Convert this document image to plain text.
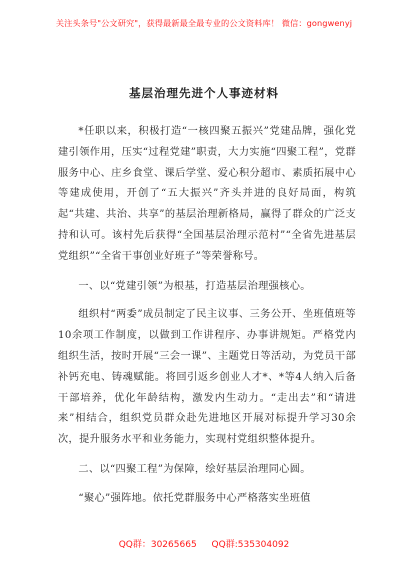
关注头条号"公文研究"，获得最新最全最专业的公文资料库！ 微信：gongwenyj
基层治理先进个人事迹材料

*任职以来，积极打造“一核四聚五振兴”党建品牌，强化党建引领作用，压实“过程党建”职责，大力实施“四聚工程”，党群服务中心、庄乡食堂、课后学堂、爱心积分超市、素质拓展中心等建成使用，开创了“五大振兴”齐头并进的良好局面，构筑起“共建、共治、共享”的基层治理新格局，赢得了群众的广泛支持和认可。该村先后获得“全国基层治理示范村”“全省先进基层党组织”“全省干事创业好班子”等荣誉称号。

一、以“党建引领”为根基，打造基层治理强核心。

组织村“两委”成员制定了民主议事、三务公开、坐班值班等10余项工作制度，以做到工作讲程序、办事讲规矩。严格党内组织生活，按时开展“三会一课”、主题党日等活动，为党员干部补钙充电、铸魂赋能。将回引返乡创业人才*、*等4人纳入后备干部培养，优化年龄结构，激发内生动力。“走出去”和“请进来”相结合，组织党员群众赴先进地区开展对标提升学习30余次，提升服务水平和业务能力，实现村党组织整体提升。

二、以“四聚工程”为保障，绘好基层治理同心圆。

“聚心”强阵地。依托党群服务中心严格落实坐班值

QQ群：30265665 QQ群:535304092
